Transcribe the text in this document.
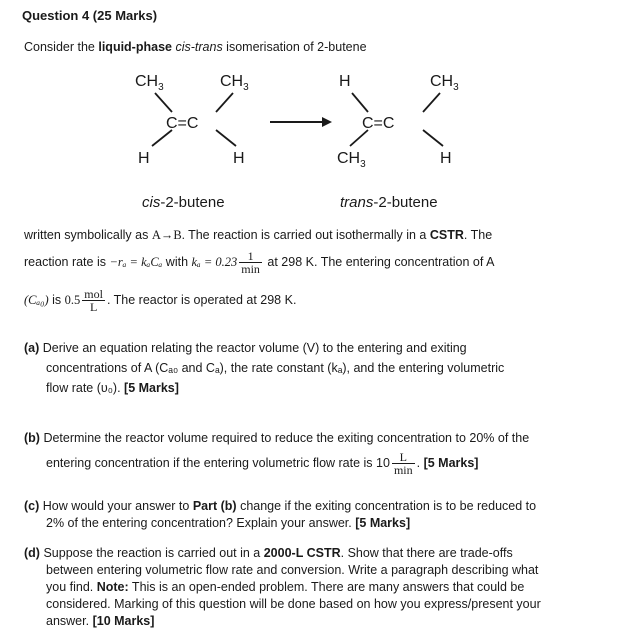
Question 4 (25 Marks)
Consider the liquid-phase cis-trans isomerisation of 2-butene
$CH_3$	$CH_3$
C=C
H	H
H	$CH_3$
C=C
$CH_3$	H
cis-2-butene	trans-2-butene
written symbolically as A→B. The reaction is carried out isothermally in a CSTR. The
reaction rate is −rₐ = kₐCₐ with $k_a = 0.23 \frac{1}{\min}$ at 298 K. The entering concentration of A
(Cₐ₀) is $0.5 \frac{\text{mol}}{L}$ . The reactor is operated at 298 K.
(a) Derive an equation relating the reactor volume (V) to the entering and exiting
concentrations of A (Cₐ₀ and Cₐ), the rate constant (kₐ), and the entering volumetric
flow rate (υ₀). [5 Marks]
(b) Determine the reactor volume required to reduce the exiting concentration to 20% of the
entering concentration if the entering volumetric flow rate is $10 \frac{L}{\min}$ . [5 Marks]
(c) How would your answer to Part (b) change if the exiting concentration is to be reduced to
2% of the entering concentration? Explain your answer. [5 Marks]
(d) Suppose the reaction is carried out in a 2000-L CSTR. Show that there are trade-offs
between entering volumetric flow rate and conversion. Write a paragraph describing what
you find. Note: This is an open-ended problem. There are many answers that could be
considered. Marking of this question will be done based on how you express/present your
answer. [10 Marks]
